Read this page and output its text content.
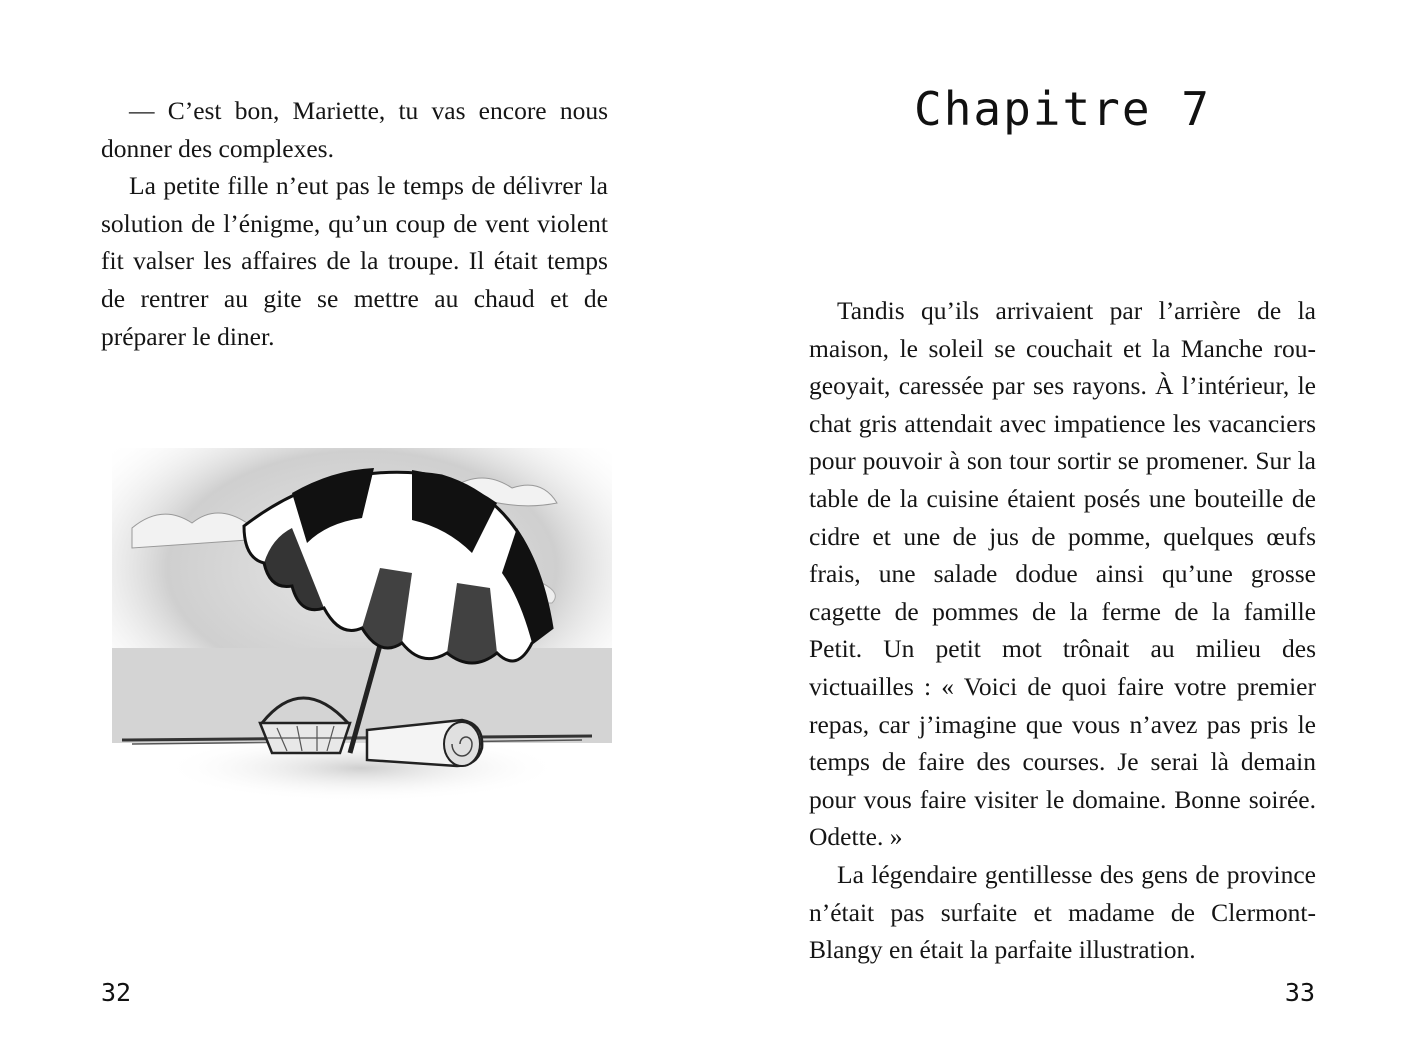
— C’est bon, Mariette, tu vas encore nous donner des complexes.

La petite fille n’eut pas le temps de délivrer la solution de l’énigme, qu’un coup de vent violent fit valser les affaires de la troupe. Il était temps de rentrer au gite se mettre au chaud et de préparer le diner.

32
Chapitre 7

Tandis qu’ils arrivaient par l’arrière de la maison, le soleil se couchait et la Manche rougeoyait, caressée par ses rayons. À l’intérieur, le chat gris attendait avec impatience les vacanciers pour pouvoir à son tour sortir se promener. Sur la table de la cuisine étaient posés une bouteille de cidre et une de jus de pomme, quelques œufs frais, une salade dodue ainsi qu’une grosse cagette de pommes de la ferme de la famille Petit. Un petit mot trônait au milieu des victuailles : « Voici de quoi faire votre premier repas, car j’imagine que vous n’avez pas pris le temps de faire des courses. Je serai là demain pour vous faire visiter le domaine. Bonne soirée. Odette. »

La légendaire gentillesse des gens de province n’était pas surfaite et madame de Clermont-Blangy en était la parfaite illustration.

33
